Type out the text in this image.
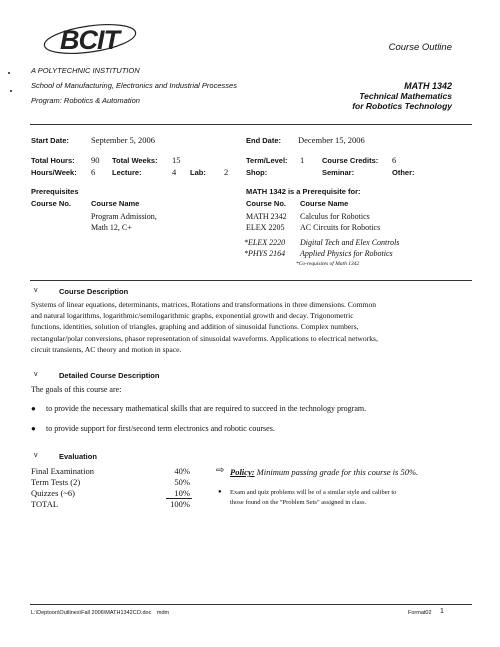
BCIT
A POLYTECHNIC INSTITUTION
School of Manufacturing, Electronics and Industrial Processes
Program: Robotics & Automation
Course Outline
MATH 1342
Technical Mathematics
for Robotics Technology
Start Date:	September 5, 2006	End Date: December 15, 2006
Total Hours: 90 Total Weeks: 15	Term/Level: 1 Course Credits: 6
Hours/Week: 6 Lecture:	4 Lab: 2 Shop:	Seminar:	Other:
Prerequisites
Course No.	Course Name
Program Admission,
Math 12, C+
MATH 1342 is a Prerequisite for:
Course No. Course Name
MATH 2342 Calculus for Robotics
ELEX 2205 AC Circuits for Robotics
*ELEX 2220 Digital Tech and Elex Controls
*PHYS 2164 Applied Physics for Robotics
*Co-requisites of Math 1342
v	Course Description
Systems of linear equations, determinants, matrices, Rotations and transformations in three dimensions. Common
and natural logarithms, logarithmic/semilogarithmic graphs, exponential growth and decay. Trigonometric
functions, identities, solution of triangles, graphing and addition of sinusoidal functions. Complex numbers,
rectangular/polar conversions, phasor representation of sinusoidal waveforms. Applications to electrical networks,
circuit transients, AC theory and motion in space.
v	Detailed Course Description
The goals of this course are:
● to provide the necessary mathematical skills that are required to succeed in the technology program.
● to provide support for first/second term electronics and robotic courses.
v	Evaluation
Final Examination	40%
Term Tests (2)	50%
Quizzes (~6)	10%
TOTAL	100%
⇨ Policy: Minimum passing grade for this course is 50%.
● Exam and quiz problems will be of a similar style and caliber to
those found on the "Problem Sets" assigned in class.
L:\Deptoon\Outlines\Fall 2006\MATH1342CO.doc mdm	Format02 1
